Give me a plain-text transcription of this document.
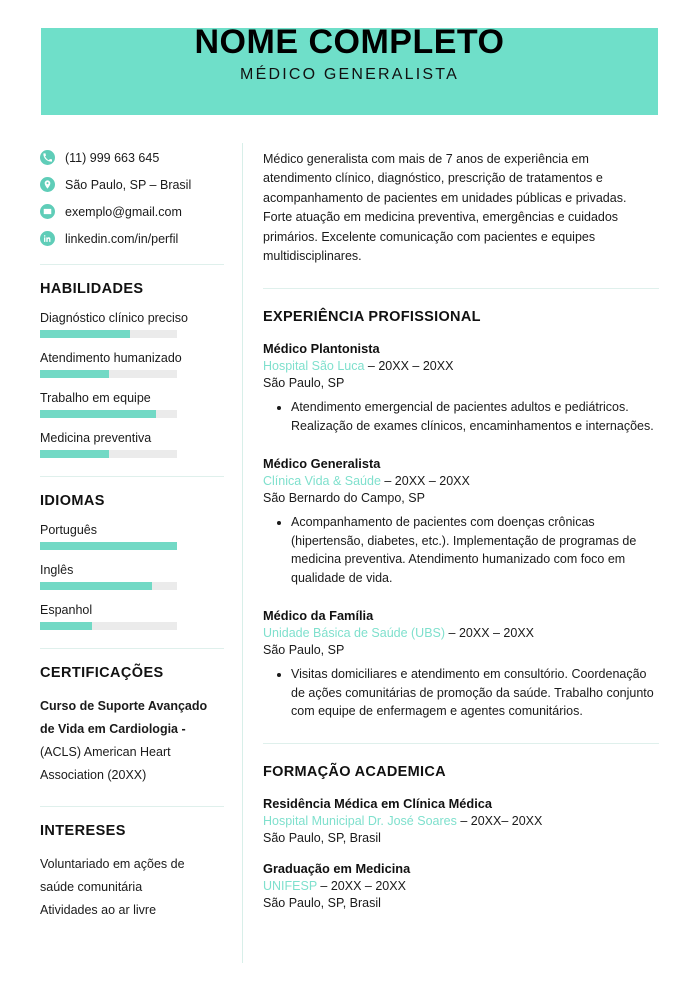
NOME COMPLETO
MÉDICO GENERALISTA
(11) 999 663 645
São Paulo, SP – Brasil
exemplo@gmail.com
linkedin.com/in/perfil
HABILIDADES
Diagnóstico clínico preciso
Atendimento humanizado
Trabalho em equipe
Medicina preventiva
IDIOMAS
Português
Inglês
Espanhol
CERTIFICAÇÕES

Curso de Suporte Avançado

de Vida em Cardiologia -

(ACLS) American Heart

Association (20XX)

INTERESES

Voluntariado em ações de

saúde comunitária

Atividades ao ar livre

Médico generalista com mais de 7 anos de experiência em atendimento clínico, diagnóstico, prescrição de tratamentos e acompanhamento de pacientes em unidades públicas e privadas. Forte atuação em medicina preventiva, emergências e cuidados primários. Excelente comunicação com pacientes e equipes multidisciplinares.

EXPERIÊNCIA PROFISSIONAL
Médico Plantonista
Hospital São Luca – 20XX – 20XX
São Paulo, SP
• Atendimento emergencial de pacientes adultos e pediátricos. Realização de exames clínicos, encaminhamentos e internações.
Médico Generalista
Clínica Vida & Saúde – 20XX – 20XX
São Bernardo do Campo, SP
• Acompanhamento de pacientes com doenças crônicas (hipertensão, diabetes, etc.). Implementação de programas de medicina preventiva. Atendimento humanizado com foco em qualidade de vida.
Médico da Família
Unidade Básica de Saúde (UBS) – 20XX – 20XX
São Paulo, SP
• Visitas domiciliares e atendimento em consultório. Coordenação de ações comunitárias de promoção da saúde. Trabalho conjunto com equipe de enfermagem e agentes comunitários.
FORMAÇÃO ACADEMICA
Residência Médica em Clínica Médica
Hospital Municipal Dr. José Soares – 20XX– 20XX
São Paulo, SP, Brasil
Graduação em Medicina
UNIFESP – 20XX – 20XX
São Paulo, SP, Brasil
